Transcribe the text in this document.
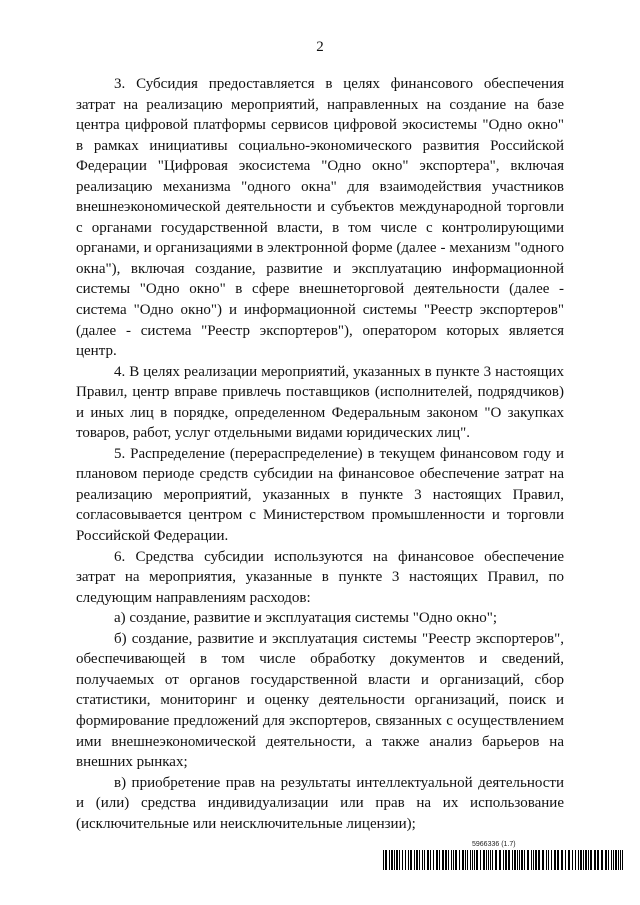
2

3. Субсидия предоставляется в целях финансового обеспечения затрат на реализацию мероприятий, направленных на создание на базе центра цифровой платформы сервисов цифровой экосистемы "Одно окно" в рамках инициативы социально-экономического развития Российской Федерации "Цифровая экосистема "Одно окно" экспортера", включая реализацию механизма "одного окна" для взаимодействия участников внешнеэкономической деятельности и субъектов международной торговли с органами государственной власти, в том числе с контролирующими органами, и организациями в электронной форме (далее - механизм "одного окна"), включая создание, развитие и эксплуатацию информационной системы "Одно окно" в сфере внешнеторговой деятельности (далее - система "Одно окно") и информационной системы "Реестр экспортеров" (далее - система "Реестр экспортеров"), оператором которых является центр.

4. В целях реализации мероприятий, указанных в пункте 3 настоящих Правил, центр вправе привлечь поставщиков (исполнителей, подрядчиков) и иных лиц в порядке, определенном Федеральным законом "О закупках товаров, работ, услуг отдельными видами юридических лиц".

5. Распределение (перераспределение) в текущем финансовом году и плановом периоде средств субсидии на финансовое обеспечение затрат на реализацию мероприятий, указанных в пункте 3 настоящих Правил, согласовывается центром с Министерством промышленности и торговли Российской Федерации.

6. Средства субсидии используются на финансовое обеспечение затрат на мероприятия, указанные в пункте 3 настоящих Правил, по следующим направлениям расходов:

а) создание, развитие и эксплуатация системы "Одно окно";

б) создание, развитие и эксплуатация системы "Реестр экспортеров", обеспечивающей в том числе обработку документов и сведений, получаемых от органов государственной власти и организаций, сбор статистики, мониторинг и оценку деятельности организаций, поиск и формирование предложений для экспортеров, связанных с осуществлением ими внешнеэкономической деятельности, а также анализ барьеров на внешних рынках;

в) приобретение прав на результаты интеллектуальной деятельности и (или) средства индивидуализации или прав на их использование (исключительные или неисключительные лицензии);

5966336 (1.7)
